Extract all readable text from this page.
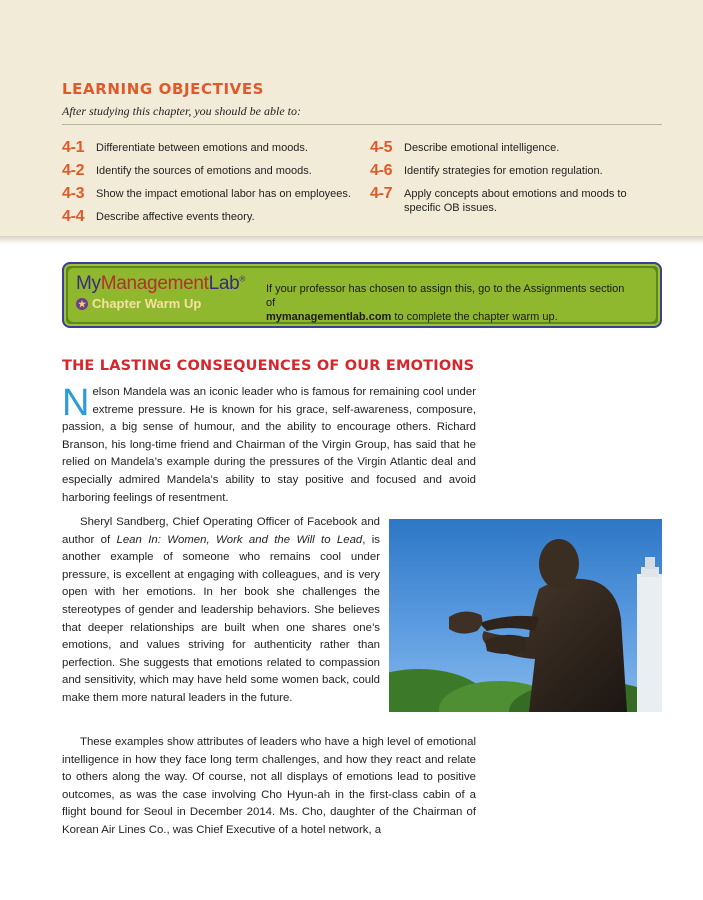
LEARNING OBJECTIVES
After studying this chapter, you should be able to:
4-1	Differentiate between emotions and moods.
4-2	Identify the sources of emotions and moods.
4-3	Show the impact emotional labor has on employees.
4-4	Describe affective events theory.
4-5	Describe emotional intelligence.
4-6	Identify strategies for emotion regulation.
4-7	Apply concepts about emotions and moods to specific OB issues.
MyManagementLab®
★ Chapter Warm Up
If your professor has chosen to assign this, go to the Assignments section of
mymanagementlab.com to complete the chapter warm up.
THE LASTING CONSEQUENCES OF OUR EMOTIONS

Nelson Mandela was an iconic leader who is famous for remaining cool under extreme pressure. He is known for his grace, self-awareness, composure, passion, a big sense of humour, and the ability to encourage others. Richard Branson, his long-time friend and Chairman of the Virgin Group, has said that he relied on Mandela’s example during the pressures of the Virgin Atlantic deal and especially admired Mandela’s ability to stay positive and focused and avoid harboring feelings of resentment.

Sheryl Sandberg, Chief Operating Officer of Facebook and author of Lean In: Women, Work and the Will to Lead, is another example of someone who remains cool under pressure, is excellent at engaging with colleagues, and is very open with her emotions. In her book she challenges the stereotypes of gender and leadership behaviors. She believes that deeper relationships are built when one shares one’s emotions, and values striving for authenticity rather than perfection. She suggests that emotions related to compassion and sensitivity, which may have held some women back, could make them more natural leaders in the future.

These examples show attributes of leaders who have a high level of emotional intelligence in how they face long term challenges, and how they react and relate to others along the way. Of course, not all displays of emotions lead to positive outcomes, as was the case involving Cho Hyun-ah in the first-class cabin of a flight bound for Seoul in December 2014. Ms. Cho, daughter of the Chairman of Korean Air Lines Co., was Chief Executive of a hotel network, a
